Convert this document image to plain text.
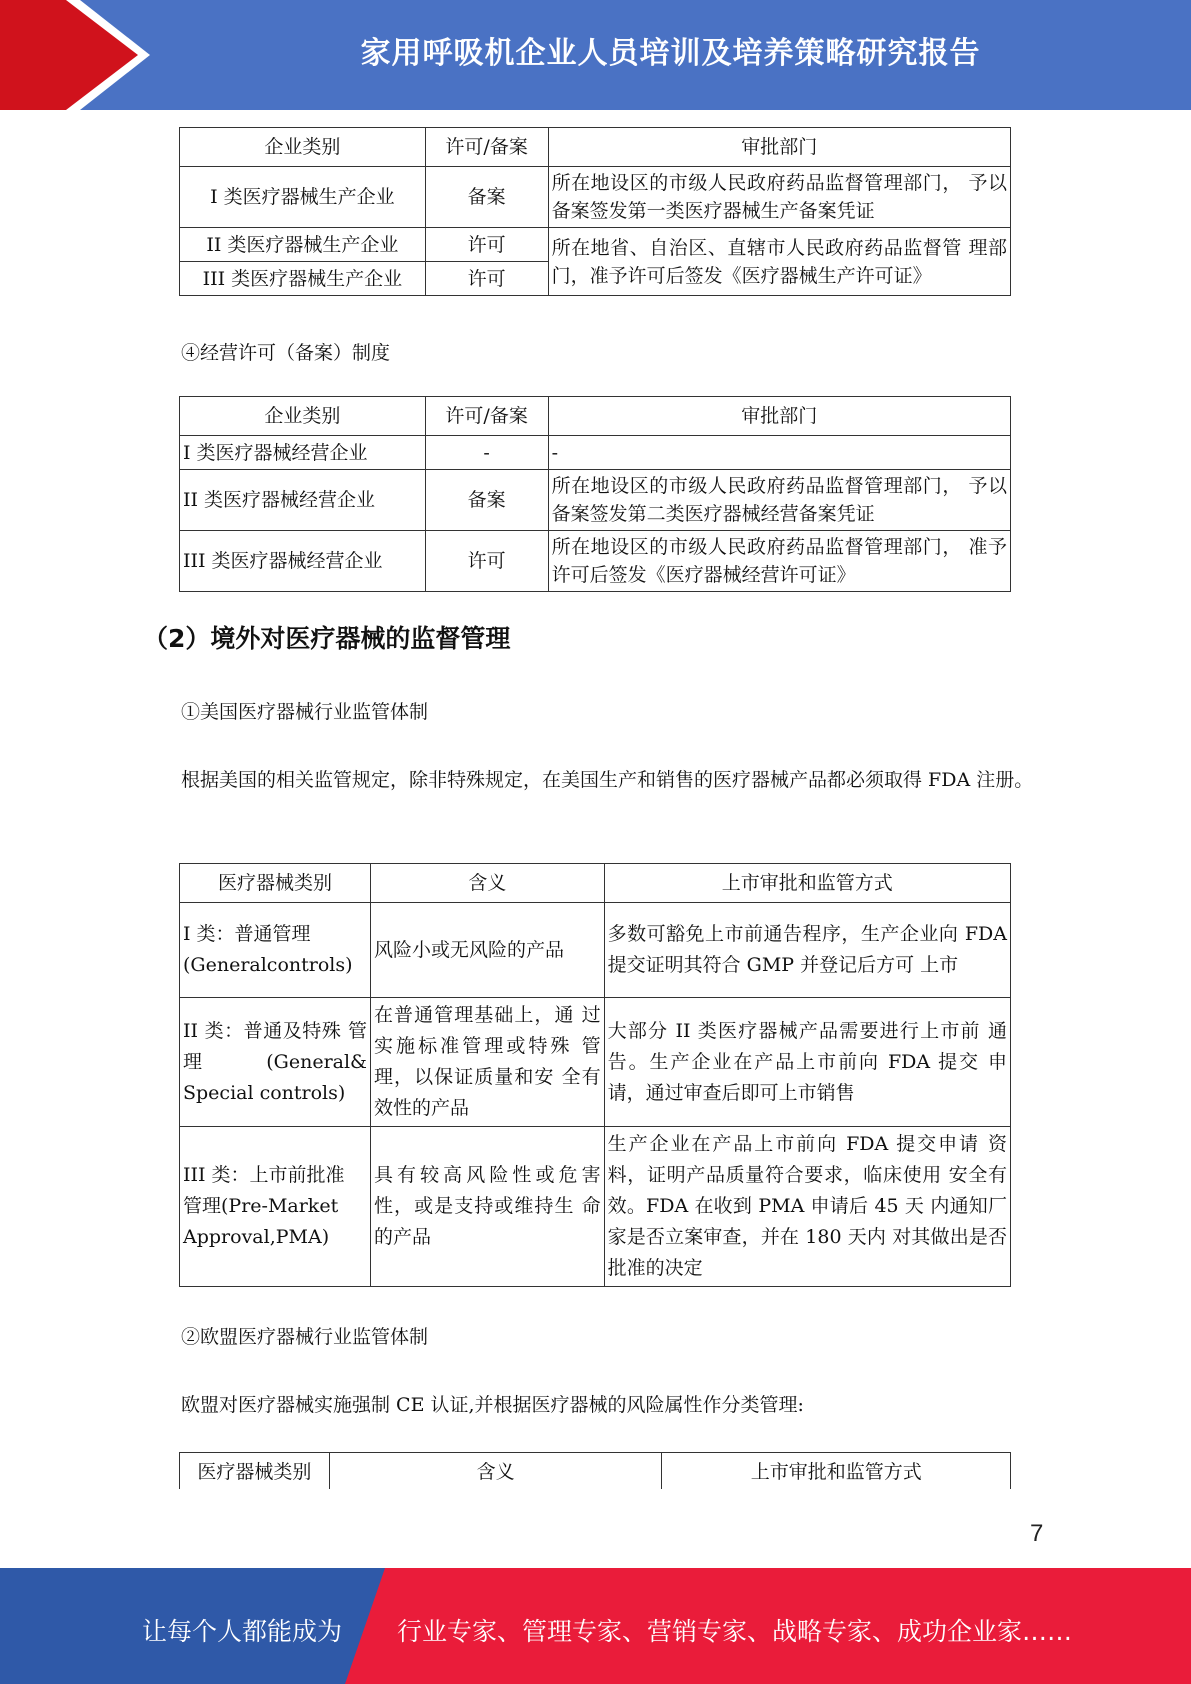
家用呼吸机企业人员培训及培养策略研究报告
企业类别	许可/备案	审批部门
I 类医疗器械生产企业	备案	所在地设区的市级人民政府药品监督管理部门， 予以备案签发第一类医疗器械生产备案凭证
II 类医疗器械生产企业	许可	所在地省、自治区、直辖市人民政府药品监督管 理部门，准予许可后签发《医疗器械生产许可证》
III 类医疗器械生产企业	许可	
④经营许可（备案）制度
企业类别	许可/备案	审批部门
I 类医疗器械经营企业	-	-
II 类医疗器械经营企业	备案	所在地设区的市级人民政府药品监督管理部门， 予以备案签发第二类医疗器械经营备案凭证
III 类医疗器械经营企业	许可	所在地设区的市级人民政府药品监督管理部门， 准予许可后签发《医疗器械经营许可证》
（2）境外对医疗器械的监督管理
①美国医疗器械行业监管体制
根据美国的相关监管规定，除非特殊规定，在美国生产和销售的医疗器械产品都必须取得 FDA 注册。
医疗器械类别	含义	上市审批和监管方式
I 类：普通管理 (Generalcontrols)	风险小或无风险的产品	多数可豁免上市前通告程序，生产企业向 FDA 提交证明其符合 GMP 并登记后方可 上市
II 类：普通及特殊 管理(General& Special controls)	在普通管理基础上，通 过实施标准管理或特殊 管理，以保证质量和安 全有效性的产品	大部分 II 类医疗器械产品需要进行上市前 通告。生产企业在产品上市前向 FDA 提交 申请，通过审查后即可上市销售
III 类：上市前批准 管理(Pre-Market Approval,PMA)	具有较高风险性或危害 性，或是支持或维持生 命的产品	生产企业在产品上市前向 FDA 提交申请 资料，证明产品质量符合要求，临床使用 安全有效。FDA 在收到 PMA 申请后 45 天 内通知厂家是否立案审查，并在 180 天内 对其做出是否批准的决定
②欧盟医疗器械行业监管体制
欧盟对医疗器械实施强制 CE 认证,并根据医疗器械的风险属性作分类管理:
医疗器械类别	含义	上市审批和监管方式
7
让每个人都能成为 行业专家、管理专家、营销专家、战略专家、成功企业家……
